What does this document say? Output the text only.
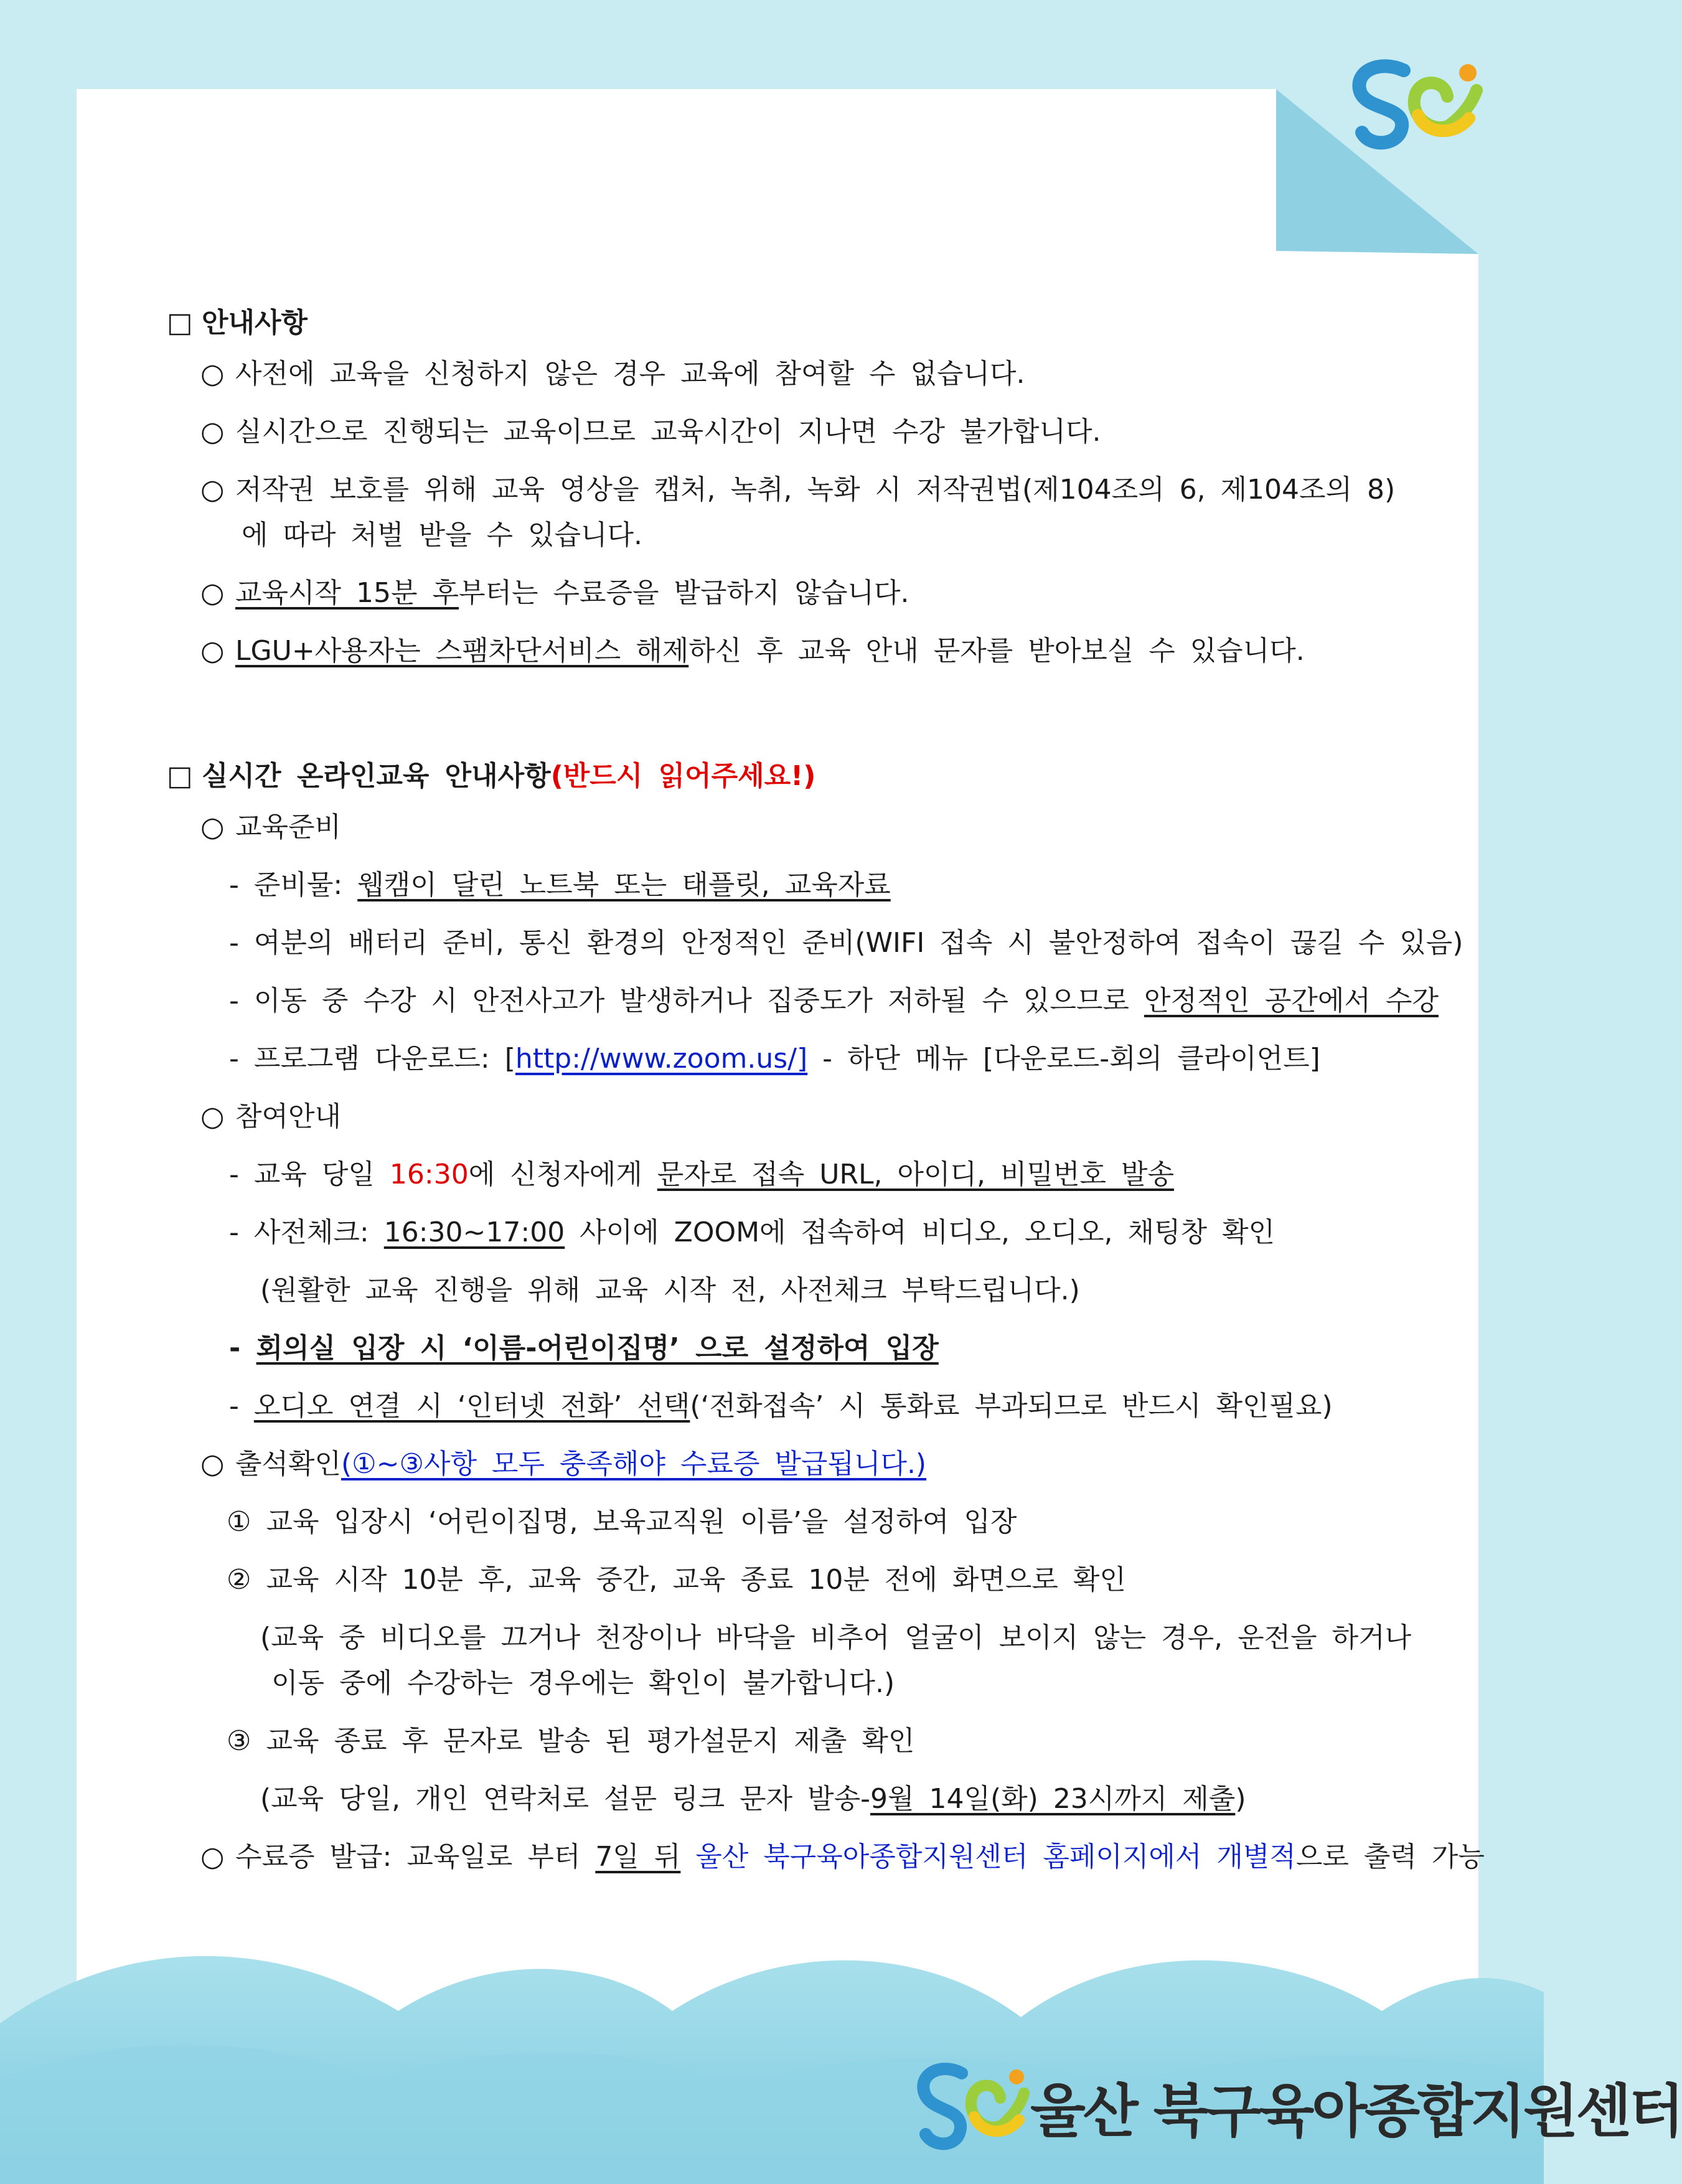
울산 북구육아종합지원센터
□ 안내사항
○ 사전에 교육을 신청하지 않은 경우 교육에 참여할 수 없습니다.
○ 실시간으로 진행되는 교육이므로 교육시간이 지나면 수강 불가합니다.
○ 저작권 보호를 위해 교육 영상을 캡처, 녹취, 녹화 시 저작권법(제104조의 6, 제104조의 8)
에 따라 처벌 받을 수 있습니다.
○ 교육시작 15분 후부터는 수료증을 발급하지 않습니다.
○ LGU+사용자는 스팸차단서비스 해제하신 후 교육 안내 문자를 받아보실 수 있습니다.
□ 실시간 온라인교육 안내사항(반드시 읽어주세요!)
○ 교육준비
- 준비물: 웹캠이 달린 노트북 또는 태플릿, 교육자료
- 여분의 배터리 준비, 통신 환경의 안정적인 준비(WIFI 접속 시 불안정하여 접속이 끊길 수 있음)
- 이동 중 수강 시 안전사고가 발생하거나 집중도가 저하될 수 있으므로 안정적인 공간에서 수강
- 프로그램 다운로드: [http://www.zoom.us/] - 하단 메뉴 [다운로드-회의 클라이언트]
○ 참여안내
- 교육 당일 16:30에 신청자에게 문자로 접속 URL, 아이디, 비밀번호 발송
- 사전체크: 16:30~17:00 사이에 ZOOM에 접속하여 비디오, 오디오, 채팅창 확인
(원활한 교육 진행을 위해 교육 시작 전, 사전체크 부탁드립니다.)
- 회의실 입장 시 ‘이름-어린이집명’ 으로 설정하여 입장
- 오디오 연결 시 ‘인터넷 전화’ 선택(‘전화접속’ 시 통화료 부과되므로 반드시 확인필요)
○ 출석확인(①~③사항 모두 충족해야 수료증 발급됩니다.)
① 교육 입장시 ‘어린이집명, 보육교직원 이름’을 설정하여 입장
② 교육 시작 10분 후, 교육 중간, 교육 종료 10분 전에 화면으로 확인
(교육 중 비디오를 끄거나 천장이나 바닥을 비추어 얼굴이 보이지 않는 경우, 운전을 하거나
이동 중에 수강하는 경우에는 확인이 불가합니다.)
③ 교육 종료 후 문자로 발송 된 평가설문지 제출 확인
(교육 당일, 개인 연락처로 설문 링크 문자 발송-9월 14일(화) 23시까지 제출)
○ 수료증 발급: 교육일로 부터 7일 뒤 울산 북구육아종합지원센터 홈페이지에서 개별적으로 출력 가능
